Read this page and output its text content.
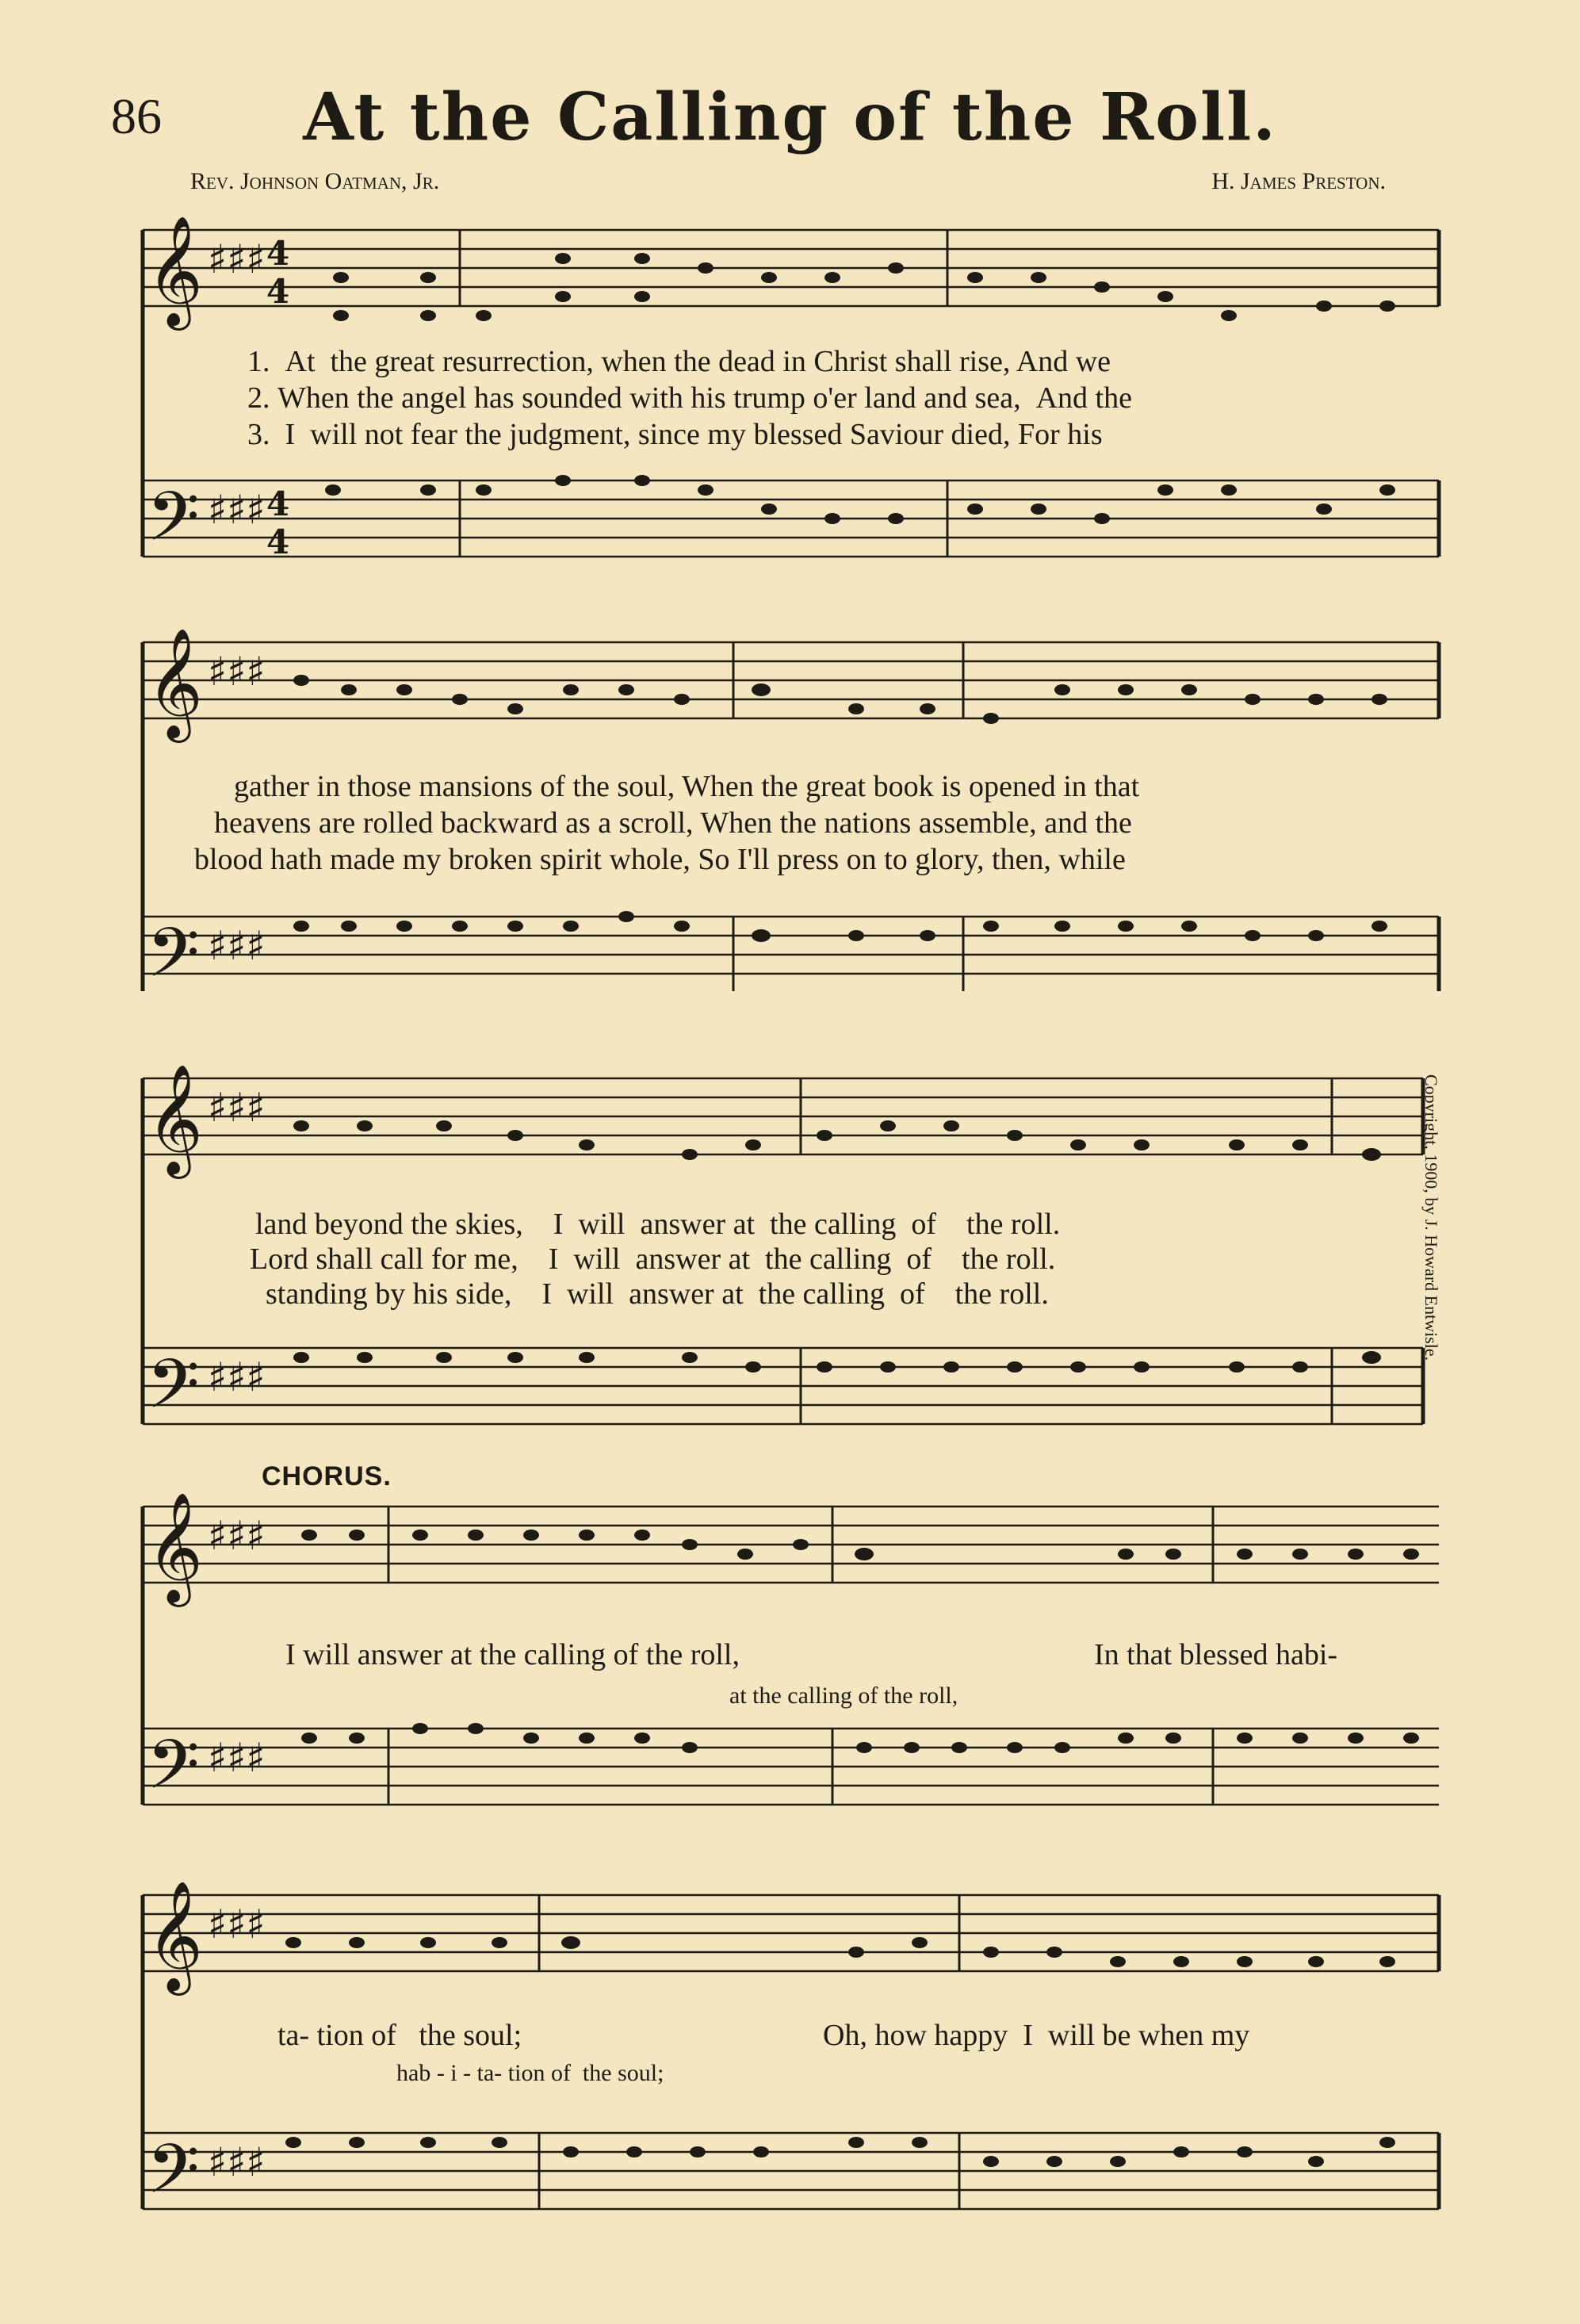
86	At the Calling of the Roll.
Rev. Johnson Oatman, Jr.	H. James Preston.
𝄞
𝄢
♯♯♯
♯♯♯
4
4
4
4
1.  At  the great resurrection, when the dead in Christ shall rise, And we
2. When the angel has sounded with his trump o'er land and sea,  And the
3.  I  will not fear the judgment, since my blessed Saviour died, For his
𝄞
𝄢
♯♯♯
♯♯♯
gather in those mansions of the soul, When the great book is opened in that
heavens are rolled backward as a scroll, When the nations assemble, and the
blood hath made my broken spirit whole, So I'll press on to glory, then, while
𝄞
𝄢
♯♯♯
♯♯♯
land beyond the skies,    I  will  answer at  the calling  of    the roll.
Lord shall call for me,    I  will  answer at  the calling  of    the roll.
standing by his side,    I  will  answer at  the calling  of    the roll.	Copyright, 1900, by J. Howard Entwisle.
CHORUS.
𝄞
𝄢
♯♯♯
♯♯♯
I will answer at the calling of the roll,	In that blessed habi-
at the calling of the roll,
𝄞
𝄢
♯♯♯
♯♯♯
ta- tion of   the soul;	Oh, how happy  I  will be when my
hab - i - ta- tion of  the soul;
